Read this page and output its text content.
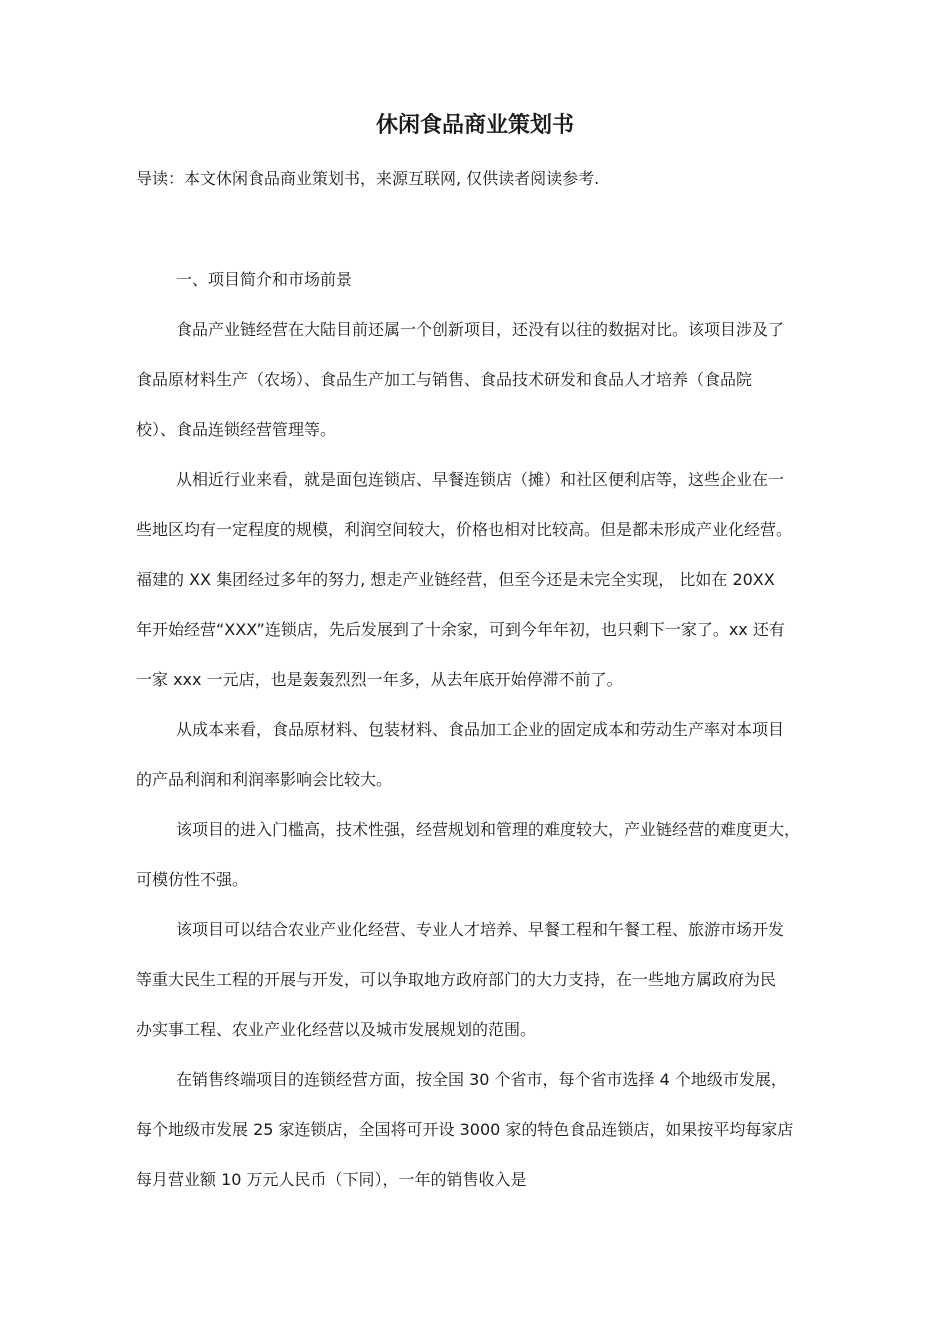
休闲食品商业策划书

导读：本文休闲食品商业策划书，来源互联网, 仅供读者阅读参考.

一、项目简介和市场前景

食品产业链经营在大陆目前还属一个创新项目，还没有以往的数据对比。该项目涉及了
食品原材料生产（农场）、食品生产加工与销售、食品技术研发和食品人才培养（食品院
校）、食品连锁经营管理等。

从相近行业来看，就是面包连锁店、早餐连锁店（摊）和社区便利店等，这些企业在一
些地区均有一定程度的规模，利润空间较大，价格也相对比较高。但是都未形成产业化经营。
福建的 XX 集团经过多年的努力, 想走产业链经营，但至今还是未完全实现， 比如在 20XX
年开始经营“XXX”连锁店，先后发展到了十余家，可到今年年初，也只剩下一家了。xx 还有
一家 xxx 一元店，也是轰轰烈烈一年多，从去年底开始停滞不前了。

从成本来看，食品原材料、包装材料、食品加工企业的固定成本和劳动生产率对本项目
的产品利润和利润率影响会比较大。

该项目的进入门槛高，技术性强，经营规划和管理的难度较大，产业链经营的难度更大，
可模仿性不强。

该项目可以结合农业产业化经营、专业人才培养、早餐工程和午餐工程、旅游市场开发
等重大民生工程的开展与开发，可以争取地方政府部门的大力支持，在一些地方属政府为民
办实事工程、农业产业化经营以及城市发展规划的范围。

在销售终端项目的连锁经营方面，按全国 30 个省市，每个省市选择 4 个地级市发展，
每个地级市发展 25 家连锁店，全国将可开设 3000 家的特色食品连锁店，如果按平均每家店
每月营业额 10 万元人民币（下同），一年的销售收入是
